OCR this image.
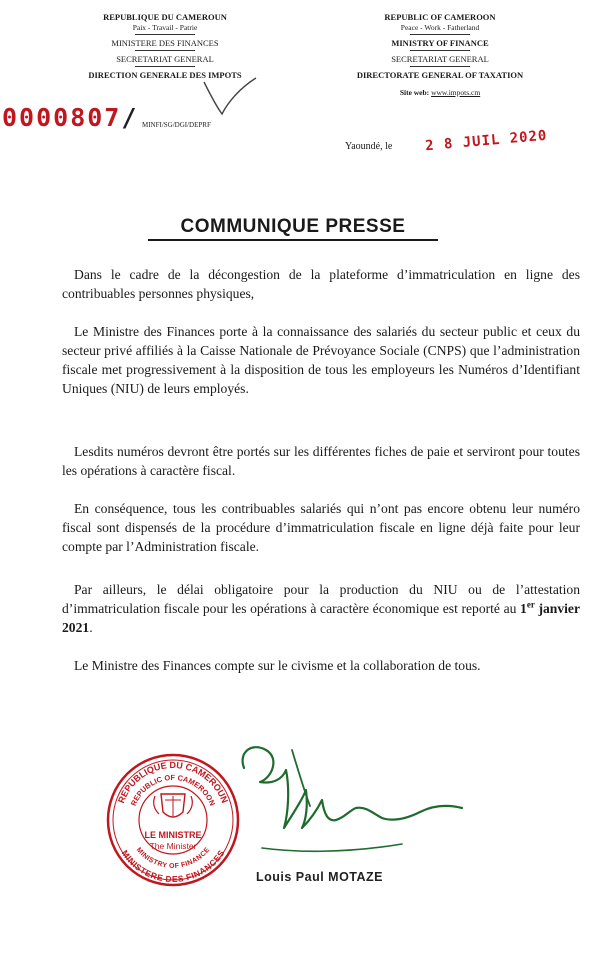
REPUBLIQUE DU CAMEROUN
Paix - Travail - Patrie
MINISTERE DES FINANCES
SECRETARIAT GENERAL
DIRECTION GENERALE DES IMPOTS
REPUBLIC OF CAMEROON
Peace - Work - Fatherland
MINISTRY OF FINANCE
SECRETARIAT GENERAL
DIRECTORATE GENERAL OF TAXATION
Site web: www.impots.cm
0000807/ MINFI/SG/DGI/DEPRF
Yaoundé, le 2 8 JUIL 2020
COMMUNIQUE PRESSE

Dans le cadre de la décongestion de la plateforme d’immatriculation en ligne des contribuables personnes physiques,

Le Ministre des Finances porte à la connaissance des salariés du secteur public et ceux du secteur privé affiliés à la Caisse Nationale de Prévoyance Sociale (CNPS) que l’administration fiscale met progressivement à la disposition de tous les employeurs les Numéros d’Identifiant Uniques (NIU) de leurs employés.

Lesdits numéros devront être portés sur les différentes fiches de paie et serviront pour toutes les opérations à caractère fiscal.

En conséquence, tous les contribuables salariés qui n’ont pas encore obtenu leur numéro fiscal sont dispensés de la procédure d’immatriculation fiscale en ligne déjà faite pour leur compte par l’Administration fiscale.

Par ailleurs, le délai obligatoire pour la production du NIU ou de l’attestation d’immatriculation fiscale pour les opérations à caractère économique est reporté au 1er janvier 2021.

Le Ministre des Finances compte sur le civisme et la collaboration de tous.

REPUBLIQUE DU CAMEROUN
REPUBLIC OF CAMEROON
MINISTERE DES FINANCES
MINISTRY OF FINANCE
LE MINISTRE
The Minister
Louis Paul MOTAZE
